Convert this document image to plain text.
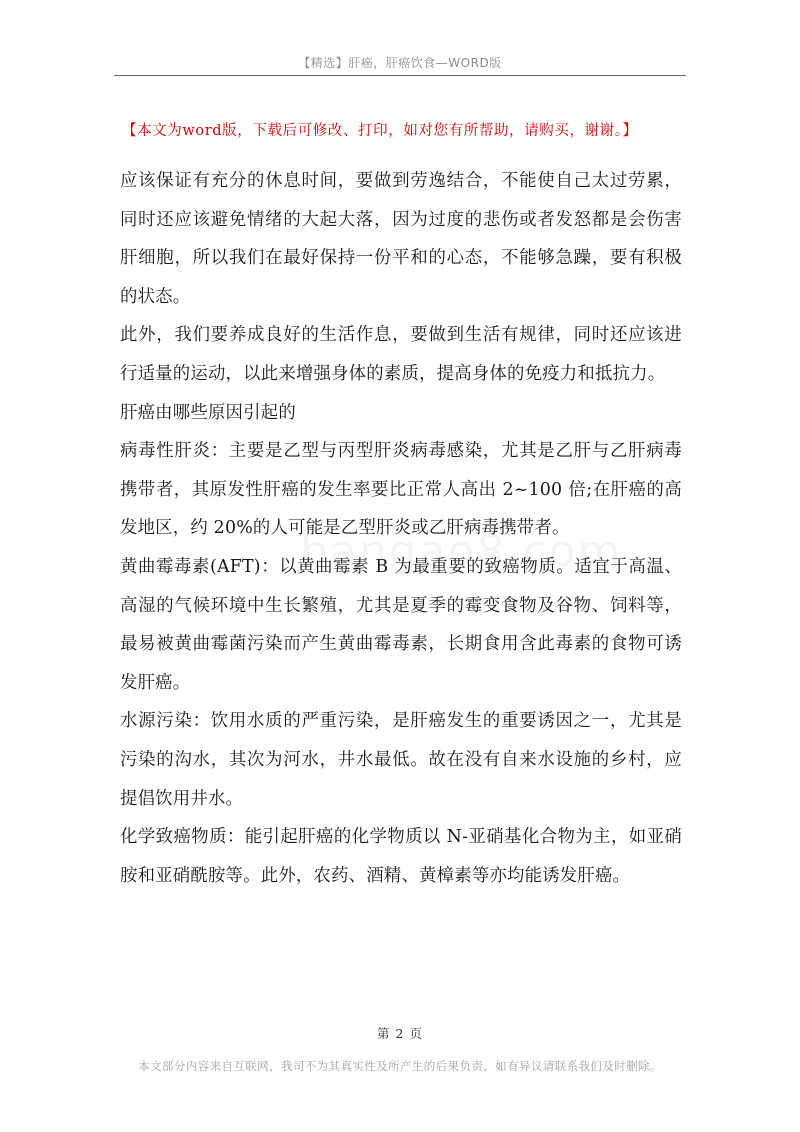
【精选】肝癌，肝癌饮食—WORD版
【本文为word版，下载后可修改、打印，如对您有所帮助，请购买，谢谢。】

应该保证有充分的休息时间，要做到劳逸结合，不能使自己太过劳累，同时还应该避免情绪的大起大落，因为过度的悲伤或者发怒都是会伤害肝细胞，所以我们在最好保持一份平和的心态，不能够急躁，要有积极的状态。

此外，我们要养成良好的生活作息，要做到生活有规律，同时还应该进行适量的运动，以此来增强身体的素质，提高身体的免疫力和抵抗力。

肝癌由哪些原因引起的

病毒性肝炎：主要是乙型与丙型肝炎病毒感染，尤其是乙肝与乙肝病毒携带者，其原发性肝癌的发生率要比正常人高出 2~100 倍;在肝癌的高发地区，约 20%的人可能是乙型肝炎或乙肝病毒携带者。

黄曲霉毒素(AFT)：以黄曲霉素 B 为最重要的致癌物质。适宜于高温、高湿的气候环境中生长繁殖，尤其是夏季的霉变食物及谷物、饲料等，最易被黄曲霉菌污染而产生黄曲霉毒素，长期食用含此毒素的食物可诱发肝癌。

水源污染：饮用水质的严重污染，是肝癌发生的重要诱因之一，尤其是污染的沟水，其次为河水，井水最低。故在没有自来水设施的乡村，应提倡饮用井水。

化学致癌物质：能引起肝癌的化学物质以 N-亚硝基化合物为主，如亚硝胺和亚硝酰胺等。此外，农药、酒精、黄樟素等亦均能诱发肝癌。

第 2 页
本文部分内容来自互联网，我司不为其真实性及所产生的后果负责，如有异议请联系我们及时删除。
